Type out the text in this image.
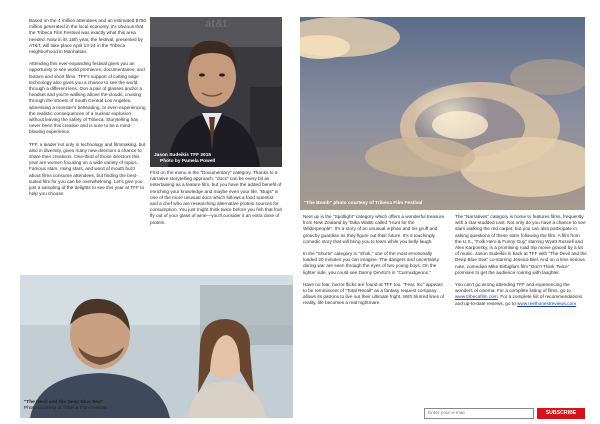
Based on the 4 million attendees and an estimated $750 million generated in the local economy, it's obvious that the Tribeca Film Festival was exactly what this area needed. Now in its 15th year, the festival, presented by AT&T, will take place April 13-24 in the Tribeca neighborhood in Manhattan.

Attending this ever-expanding festival gives you an opportunity to see world premieres, documentaries, and feature and short films. TFF's support of cutting edge technology also gives you a chance to see the world through a different lens. Don a pair of glasses and/or a headset and you're walking above the clouds, cruising through the streets of South Central Los Angeles, witnessing a monster's beheading, or even experiencing the realistic consequences of a nuclear explosion without leaving the safety of Tribeca. Storytelling has never been this creative and is sure to be a mind-blowing experience.

TFF, a leader not only in technology and filmmaking, but also in diversity, gives many new directors a chance to share their creations. One-third of those directors this year are women focusing on a wide variety of topics. Famous stars, rising stars, and word of mouth buzz about films consume attendees, but finding the best-suited film for you can be overwhelming. Let's give you just a sampling of the delights to see this year at TFF to help you choose.

at&t
Jason Sudeikis TFF 2015
Photo by Pamela Powell
"The Bomb" photo courtesy of Tribeca Film Festival

First on the menu is the "Documentary" category. Thanks to a narrative storytelling approach, "docs" can be every bit as entertaining as a feature film, but you have the added benefit of enriching your knowledge and maybe even your life. "Bugs" is one of the more unusual docs which follows a food scientist and a chef who are researching alternative protein sources for consumption. You just might think twice before you fish that fruit fly out of your glass of wine—you'll consider it an extra dose of protein.

"The Devil and the Deep Blue Sea"
Photo courtesy of Tribeca Film Festival

Next up is the "Spotlight" category which offers a wonderful treasure from New Zealand by Taika Waititi called "Hunt for the Wilderpeople". It's a story of an unusual orphan and his gruff and grouchy guardian as they figure out their future. It's a touchingly comedic story that will bring you to tears while you belly-laugh.

In the "Shorts" category is "Shok," one of the most emotionally loaded 20 minutes you can imagine. The dangers and uncertainty during war are seen through the eyes of two young boys. On the lighter side, you could see Danny DeVito's in "Curmudgeons."

Have no fear, horror flicks are found at TFF too. "Fear, Inc" appears to be reminiscent of "Total Recall" as a fantasy request company allows its patrons to live out their ultimate fright. With blurred lines of reality, life becomes a real nightmare.

The "Narratives" category is home to features films, frequently with a star-studded cast. Not only do you have a chance to see stars walking the red carpet, but you can also participate in asking questions of these stars following the film. A film from the U.S., "Folk Hero & Funny Guy" starring Wyatt Russell and Alex Karpovsky, is a promising road trip movie graced by a lot of music. Jason Sudeikis is back at TFF with "The Devil and the Deep Blue Sea" co-starring Jessica Biel. And on a less serious note, comedian Mike Birbiglia's film "Don't Think Twice" promises to get the audience roaring with laughter.

You can't go wrong attending TFF and experiencing the wonders of cinema. For a complete listing of films, go to www.tribecafilm.com. For a complete list of recommendations and up-to-date reviews, go to www.reelhonestreviews.com

Enter your e-mail
SUBSCRIBE
